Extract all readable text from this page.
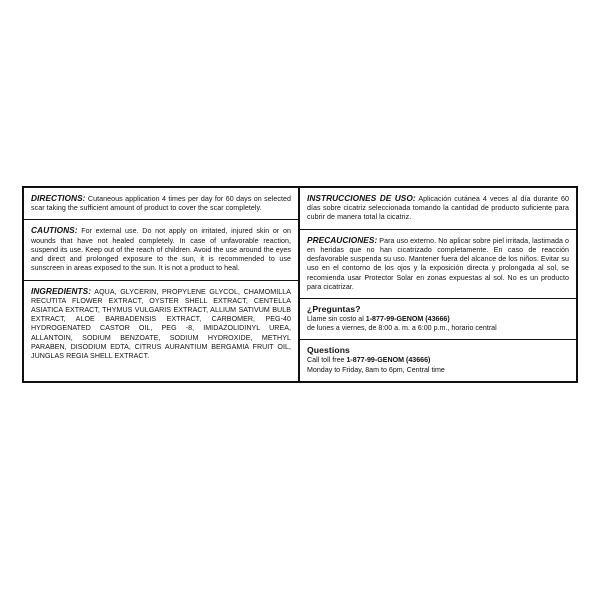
DIRECTIONS: Cutaneous application 4 times per day for 60 days on selected scar taking the sufficient amount of product to cover the scar completely.

CAUTIONS: For external use. Do not apply on irritated, injured skin or on wounds that have not healed completely. In case of unfavorable reaction, suspend its use. Keep out of the reach of children. Avoid the use around the eyes and direct and prolonged exposure to the sun, it is recommended to use sunscreen in areas exposed to the sun. It is not a product to heal.

INGREDIENTS: AQUA, GLYCERIN, PROPYLENE GLYCOL, CHAMOMILLA RECUTITA FLOWER EXTRACT, OYSTER SHELL EXTRACT, CENTELLA ASIATICA EXTRACT, THYMUS VULGARIS EXTRACT, ALLIUM SATIVUM BULB EXTRACT, ALOE BARBADENSIS EXTRACT, CARBOMER, PEG-40 HYDROGENATED CASTOR OIL, PEG -8, IMIDAZOLIDINYL UREA, ALLANTOIN, SODIUM BENZOATE, SODIUM HYDROXIDE, METHYL PARABEN, DISODIUM EDTA, CITRUS AURANTIUM BERGAMIA FRUIT OIL, JUNGLAS REGIA SHELL EXTRACT.

INSTRUCCIONES DE USO: Aplicación cutánea 4 veces al día durante 60 días sobre cicatriz seleccionada tomando la cantidad de producto suficiente para cubrir de manera total la cicatriz.

PRECAUCIONES: Para uso externo. No aplicar sobre piel irritada, lastimada o en heridas que no han cicatrizado completamente. En caso de reacción desfavorable suspenda su uso. Mantener fuera del alcance de los niños. Evitar su uso en el contorno de los ojos y la exposición directa y prolongada al sol, se recomienda usar Protector Solar en zonas expuestas al sol. No es un producto para cicatrizar.

¿Preguntas?

Llame sin costo al 1-877-99-GENOM (43666)

de lunes a viernes, de 8:00 a. m. a 6:00 p.m., horario central

Questions

Call toll free 1-877-99-GENOM (43666)

Monday to Friday, 8am to 6pm, Central time
